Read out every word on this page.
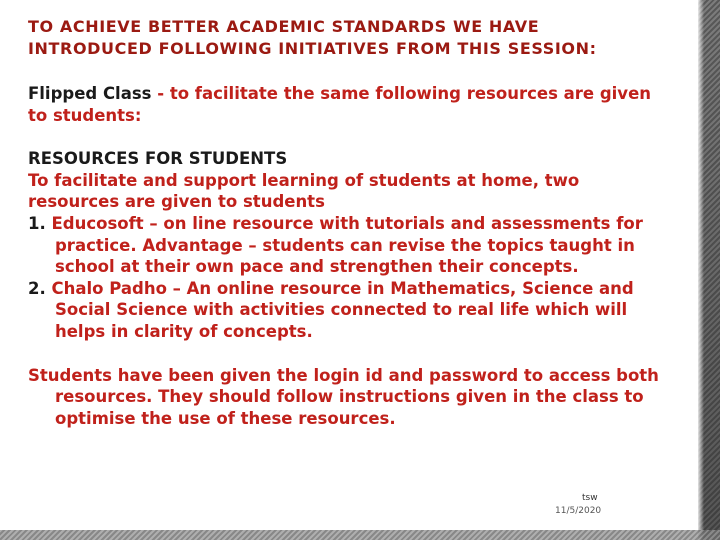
TO ACHIEVE BETTER ACADEMIC STANDARDS WE HAVE

INTRODUCED FOLLOWING INITIATIVES FROM THIS SESSION:

Flipped Class - to facilitate the same following resources are given

to students:

RESOURCES FOR STUDENTS

To facilitate and support learning of students at home, two

resources are given to students

1. Educosoft – on line resource with tutorials and assessments for

practice. Advantage – students can revise the topics taught in

school at their own pace and strengthen their concepts.

2. Chalo Padho – An online resource in Mathematics, Science and

Social Science with activities connected to real life which will

helps in clarity of concepts.

Students have been given the login id and password to access both

resources. They should follow instructions given in the class to

optimise the use of these resources.

tsw
11/5/2020
